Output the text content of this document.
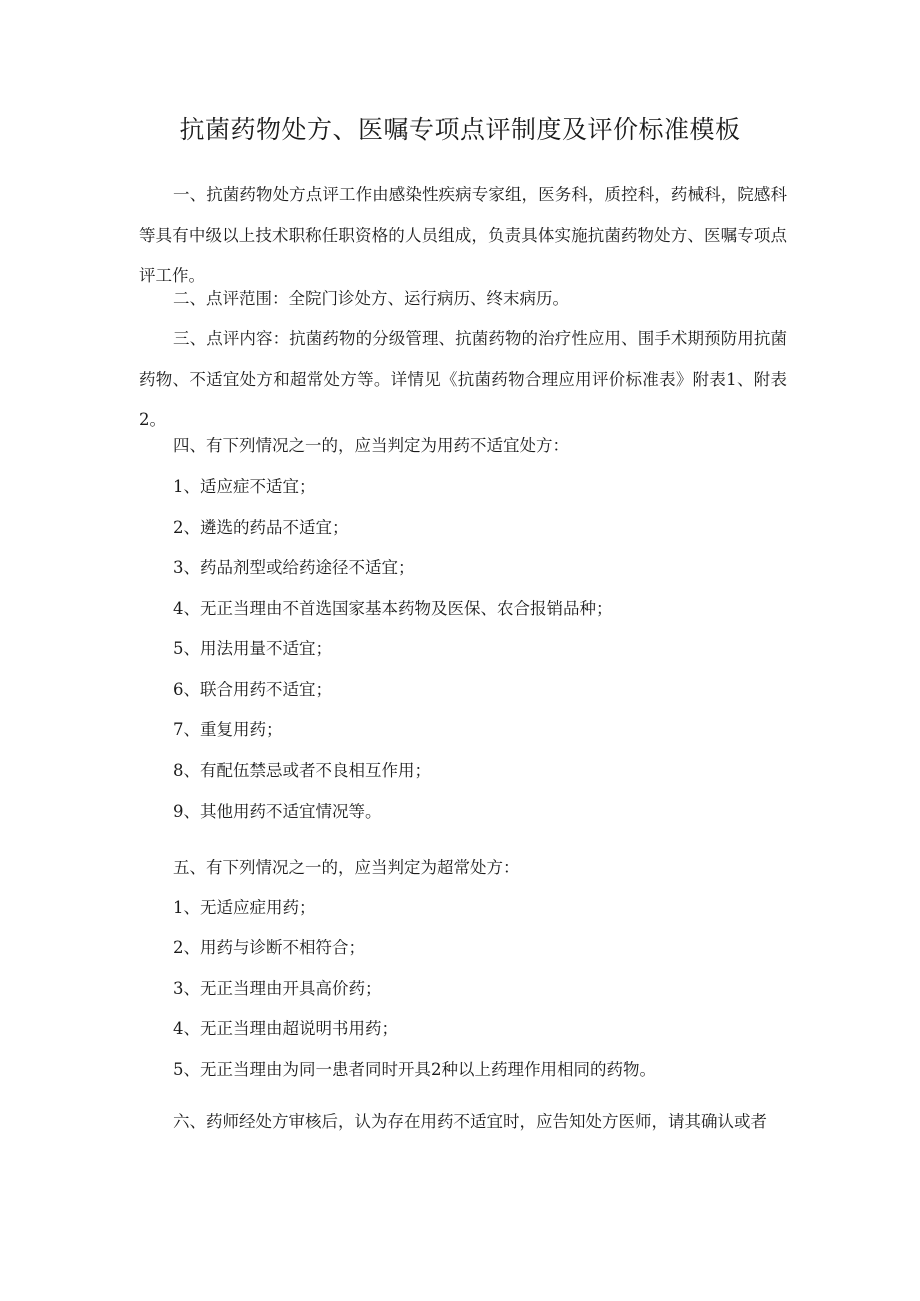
抗菌药物处方、医嘱专项点评制度及评价标准模板

一、抗菌药物处方点评工作由感染性疾病专家组，医务科，质控科，药械科，院感科等具有中级以上技术职称任职资格的人员组成，负责具体实施抗菌药物处方、医嘱专项点评工作。

二、点评范围：全院门诊处方、运行病历、终末病历。

三、点评内容：抗菌药物的分级管理、抗菌药物的治疗性应用、围手术期预防用抗菌药物、不适宜处方和超常处方等。详情见《抗菌药物合理应用评价标准表》附表1、附表2。

四、有下列情况之一的，应当判定为用药不适宜处方：

1、适应症不适宜；

2、遴选的药品不适宜；

3、药品剂型或给药途径不适宜；

4、无正当理由不首选国家基本药物及医保、农合报销品种；

5、用法用量不适宜；

6、联合用药不适宜；

7、重复用药；

8、有配伍禁忌或者不良相互作用；

9、其他用药不适宜情况等。

五、有下列情况之一的，应当判定为超常处方：

1、无适应症用药；

2、用药与诊断不相符合；

3、无正当理由开具高价药；

4、无正当理由超说明书用药；

5、无正当理由为同一患者同时开具2种以上药理作用相同的药物。

六、药师经处方审核后，认为存在用药不适宜时，应告知处方医师，请其确认或者
